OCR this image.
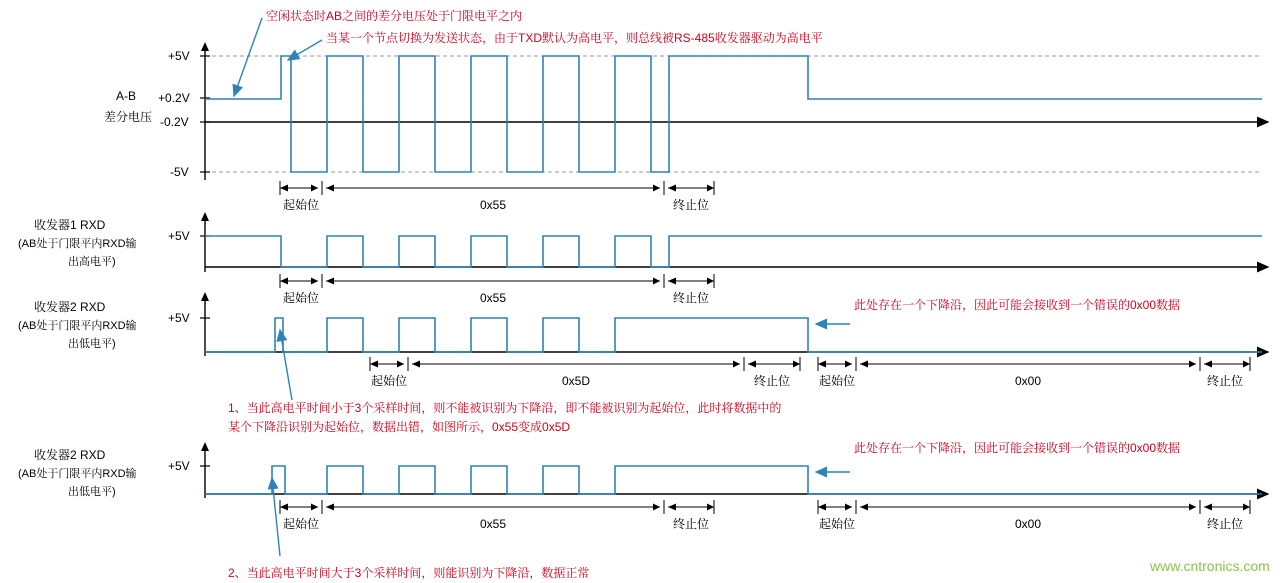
空闲状态时AB之间的差分电压处于门限电平之内
当某一个节点切换为发送状态，由于TXD默认为高电平，则总线被RS-485收发器驱动为高电平
此处存在一个下降沿，因此可能会接收到一个错误的0x00数据
1、当此高电平时间小于3个采样时间，则不能被识别为下降沿，即不能被识别为起始位，此时将数据中的
某个下降沿识别为起始位，数据出错，如图所示，0x55变成0x5D
此处存在一个下降沿，因此可能会接收到一个错误的0x00数据
2、当此高电平时间大于3个采样时间，则能识别为下降沿，数据正常
A-B
差分电压
+5V
+0.2V
-0.2V
-5V
起始位	0x55	终止位
收发器1 RXD
(AB处于门限平内RXD输
出高电平)
+5V
起始位	0x55	终止位
收发器2 RXD
(AB处于门限平内RXD输
出低电平)
+5V
起始位	0x5D	终止位	起始位	0x00	终止位
收发器2 RXD
(AB处于门限平内RXD输
出低电平)
+5V
起始位	0x55	终止位	起始位	0x00	终止位
www.cntronics.com
